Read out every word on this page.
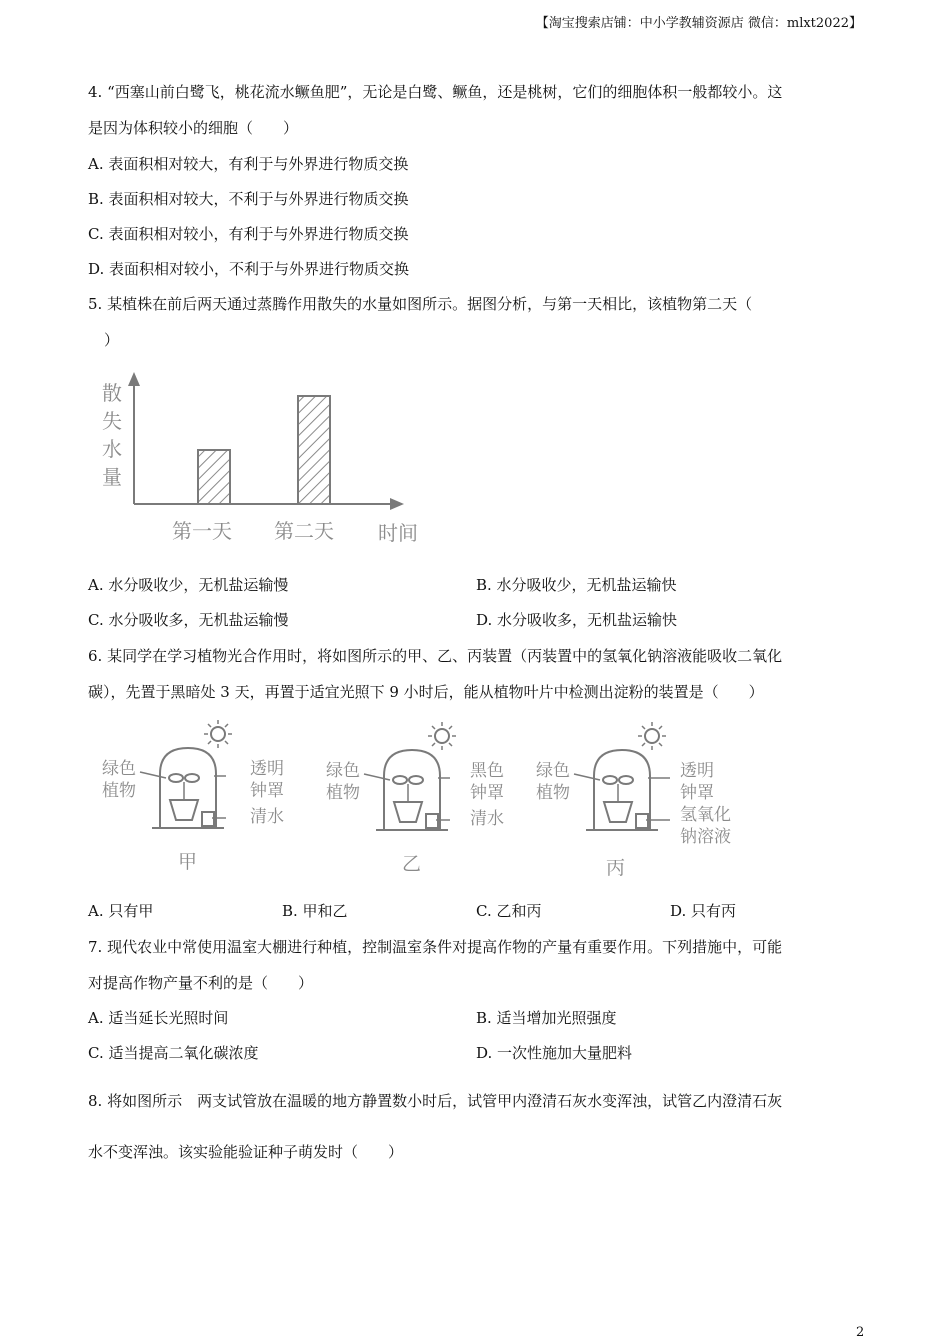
【淘宝搜索店铺：中小学教辅资源店 微信：mlxt2022】
4. “西塞山前白鹭飞，桃花流水鳜鱼肥”，无论是白鹭、鳜鱼，还是桃树，它们的细胞体积一般都较小。这
是因为体积较小的细胞（　　）
A. 表面积相对较大，有利于与外界进行物质交换
B. 表面积相对较大，不利于与外界进行物质交换
C. 表面积相对较小，有利于与外界进行物质交换
D. 表面积相对较小，不利于与外界进行物质交换
5. 某植株在前后两天通过蒸腾作用散失的水量如图所示。据图分析，与第一天相比，该植物第二天（
）
散
失
水
量
第一天 第二天 时间
A. 水分吸收少，无机盐运输慢	B. 水分吸收少，无机盐运输快
C. 水分吸收多，无机盐运输慢	D. 水分吸收多，无机盐运输快
6. 某同学在学习植物光合作用时，将如图所示的甲、乙、丙装置（丙装置中的氢氧化钠溶液能吸收二氧化
碳），先置于黑暗处 3 天，再置于适宜光照下 9 小时后，能从植物叶片中检测出淀粉的装置是（　　）
绿色
植物
透明
钟罩
清水
甲
绿色
植物
黑色
钟罩
清水
乙
绿色
植物
透明
钟罩
氢氧化
钠溶液
丙
A. 只有甲	B. 甲和乙	C. 乙和丙	D. 只有丙
7. 现代农业中常使用温室大棚进行种植，控制温室条件对提高作物的产量有重要作用。下列措施中，可能
对提高作物产量不利的是（　　）
A. 适当延长光照时间	B. 适当增加光照强度
C. 适当提高二氧化碳浓度	D. 一次性施加大量肥料
8. 将如图所示　两支试管放在温暖的地方静置数小时后，试管甲内澄清石灰水变浑浊，试管乙内澄清石灰
水不变浑浊。该实验能验证种子萌发时（　　）
2
